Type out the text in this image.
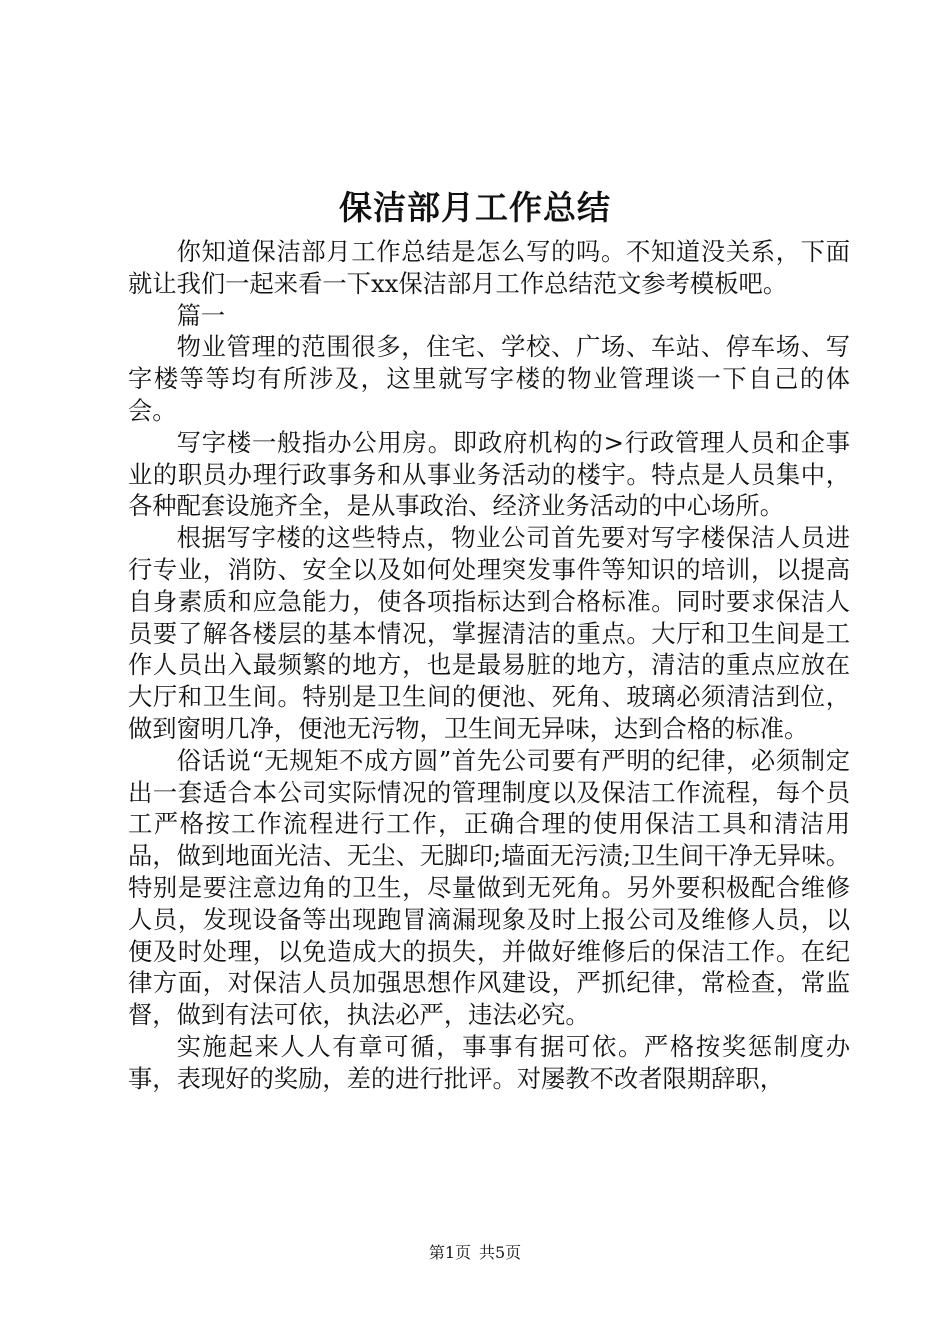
保洁部月工作总结

你知道保洁部月工作总结是怎么写的吗。不知道没关系，下面就让我们一起来看一下xx保洁部月工作总结范文参考模板吧。

篇一

物业管理的范围很多，住宅、学校、广场、车站、停车场、写字楼等等均有所涉及，这里就写字楼的物业管理谈一下自己的体会。

写字楼一般指办公用房。即政府机构的>行政管理人员和企事业的职员办理行政事务和从事业务活动的楼宇。特点是人员集中，各种配套设施齐全，是从事政治、经济业务活动的中心场所。

根据写字楼的这些特点，物业公司首先要对写字楼保洁人员进行专业，消防、安全以及如何处理突发事件等知识的培训，以提高自身素质和应急能力，使各项指标达到合格标准。同时要求保洁人员要了解各楼层的基本情况，掌握清洁的重点。大厅和卫生间是工作人员出入最频繁的地方，也是最易脏的地方，清洁的重点应放在大厅和卫生间。特别是卫生间的便池、死角、玻璃必须清洁到位，做到窗明几净，便池无污物，卫生间无异味，达到合格的标准。

俗话说“无规矩不成方圆”首先公司要有严明的纪律，必须制定出一套适合本公司实际情况的管理制度以及保洁工作流程，每个员工严格按工作流程进行工作，正确合理的使用保洁工具和清洁用品，做到地面光洁、无尘、无脚印;墙面无污渍;卫生间干净无异味。特别是要注意边角的卫生，尽量做到无死角。另外要积极配合维修人员，发现设备等出现跑冒滴漏现象及时上报公司及维修人员，以便及时处理，以免造成大的损失，并做好维修后的保洁工作。在纪律方面，对保洁人员加强思想作风建设，严抓纪律，常检查，常监督，做到有法可依，执法必严，违法必究。

实施起来人人有章可循，事事有据可依。严格按奖惩制度办事，表现好的奖励，差的进行批评。对屡教不改者限期辞职，

第1页 共5页
